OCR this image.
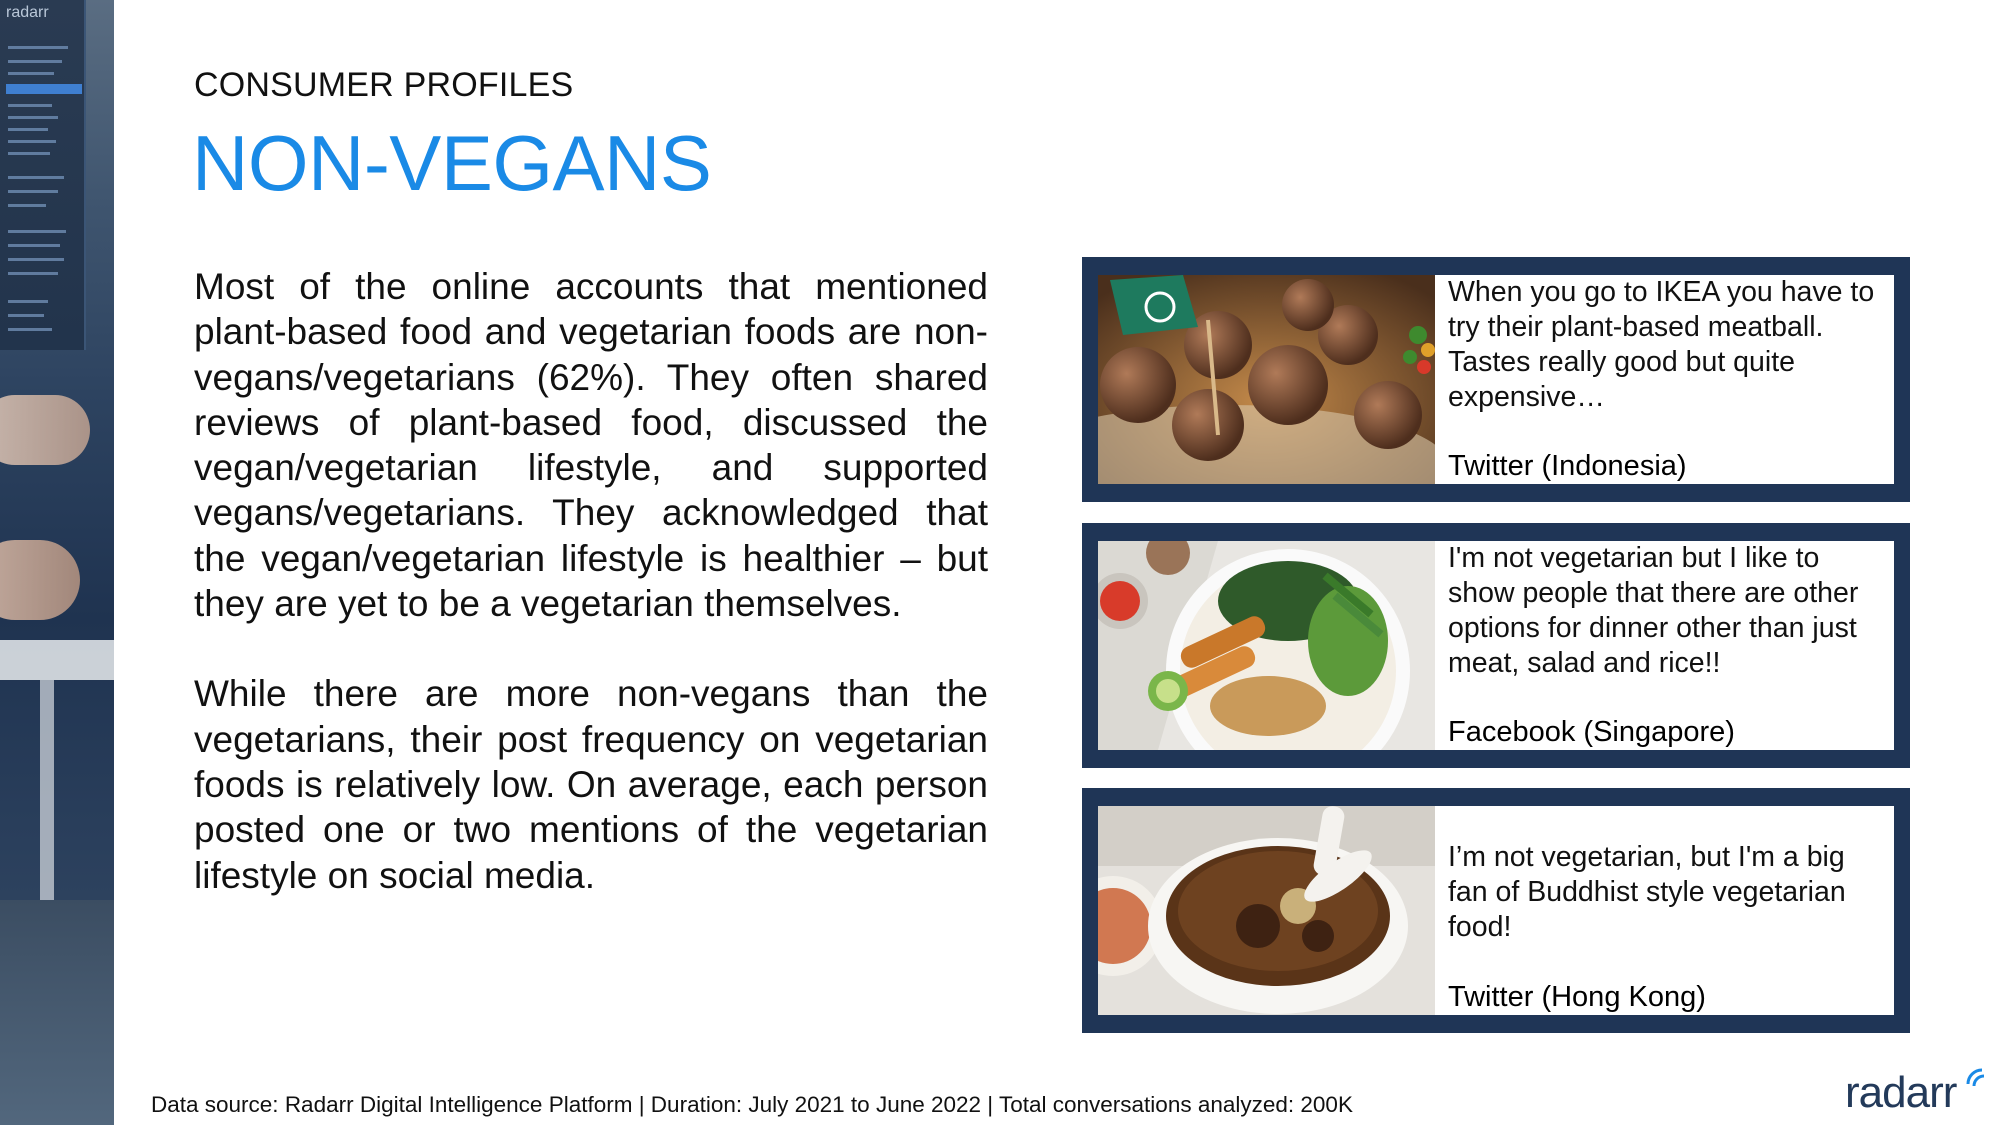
radarr
CONSUMER PROFILES
NON-VEGANS

Most of the online accounts that mentioned plant-based food and vegetarian foods are non-vegans/vegetarians (62%). They often shared reviews of plant-based food, discussed the vegan/vegetarian lifestyle, and supported vegans/vegetarians. They acknowledged that the vegan/vegetarian lifestyle is healthier – but they are yet to be a vegetarian themselves.

While there are more non-vegans than the vegetarians, their post frequency on vegetarian foods is relatively low. On average, each person posted one or two mentions of the vegetarian lifestyle on social media.

When you go to IKEA you have to try their plant-based meatball. Tastes really good but quite expensive…
Twitter (Indonesia)
I'm not vegetarian but I like to show people that there are other options for dinner other than just meat, salad and rice!!
Facebook (Singapore)
I’m not vegetarian, but I'm a big fan of Buddhist style vegetarian food!
Twitter (Hong Kong)
Data source: Radarr Digital Intelligence Platform | Duration: July 2021 to June 2022 | Total conversations analyzed: 200K	radarr
